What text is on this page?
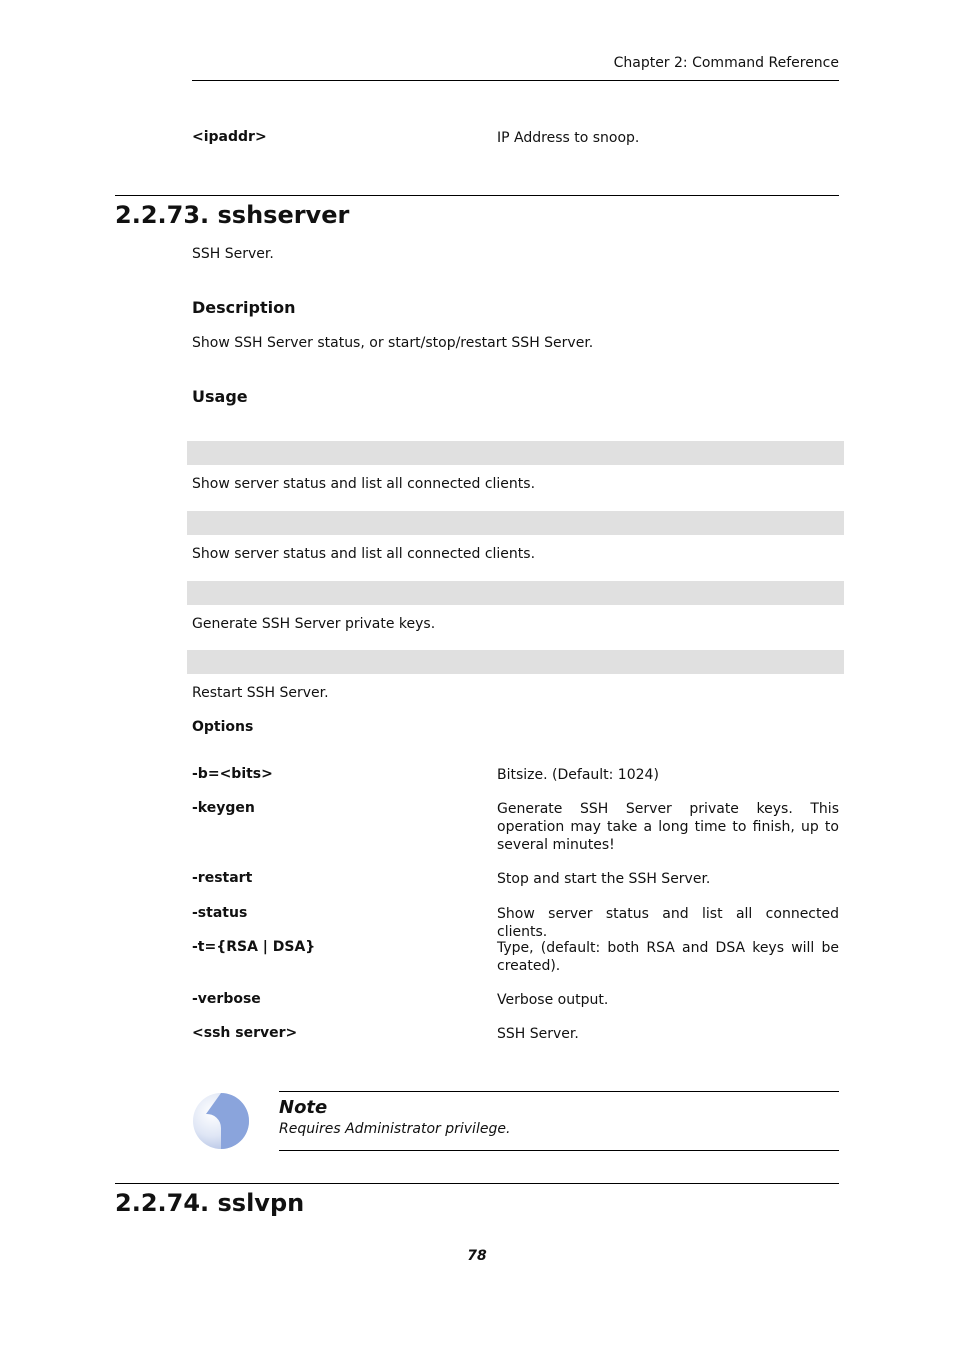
Chapter 2: Command Reference
<ipaddr>	IP Address to snoop.
2.2.73. sshserver
SSH Server.
Description
Show SSH Server status, or start/stop/restart SSH Server.
Usage
Show server status and list all connected clients.
Show server status and list all connected clients.
Generate SSH Server private keys.
Restart SSH Server.
Options
-b=<bits>	Bitsize. (Default: 1024)
-keygen	Generate SSH Server private keys. This operation may take a long time to finish, up to several minutes!
-restart	Stop and start the SSH Server.
-status	Show server status and list all connected clients.
-t={RSA | DSA}	Type, (default: both RSA and DSA keys will be created).
-verbose	Verbose output.
<ssh server>	SSH Server.
Note
Requires Administrator privilege.
2.2.74. sslvpn
78
